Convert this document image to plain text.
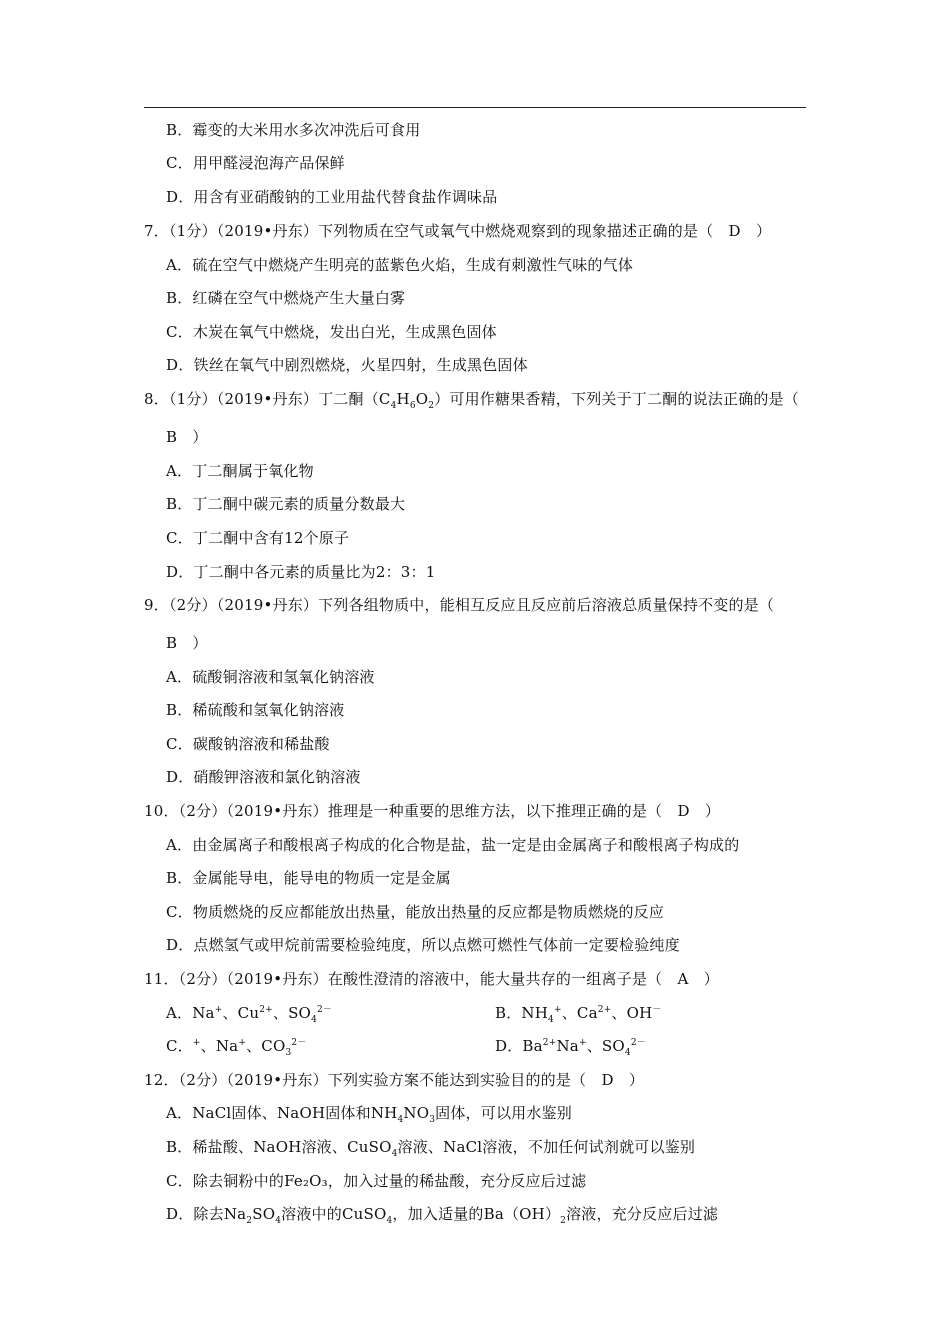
B．霉变的大米用水多次冲洗后可食用
C．用甲醛浸泡海产品保鲜
D．用含有亚硝酸钠的工业用盐代替食盐作调味品
7．（1分）（2019•丹东）下列物质在空气或氧气中燃烧观察到的现象描述正确的是（　D　）
A．硫在空气中燃烧产生明亮的蓝紫色火焰，生成有刺激性气味的气体
B．红磷在空气中燃烧产生大量白雾
C．木炭在氧气中燃烧，发出白光，生成黑色固体
D．铁丝在氧气中剧烈燃烧，火星四射，生成黑色固体
8．（1分）（2019•丹东）丁二酮$(C_4H_6O_2)$可用作糖果香精，下列关于丁二酮的说法正确的是（
B　）
A．丁二酮属于氧化物
B．丁二酮中碳元素的质量分数最大
C．丁二酮中含有12个原子
D．丁二酮中各元素的质量比为2：3：1
9．（2分）（2019•丹东）下列各组物质中，能相互反应且反应前后溶液总质量保持不变的是（
B　）
A．硫酸铜溶液和氢氧化钠溶液
B．稀硫酸和氢氧化钠溶液
C．碳酸钠溶液和稀盐酸
D．硝酸钾溶液和氯化钠溶液
10．（2分）（2019•丹东）推理是一种重要的思维方法，以下推理正确的是（　D　）
A．由金属离子和酸根离子构成的化合物是盐，盐一定是由金属离子和酸根离子构成的
B．金属能导电，能导电的物质一定是金属
C．物质燃烧的反应都能放出热量，能放出热量的反应都是物质燃烧的反应
D．点燃氢气或甲烷前需要检验纯度，所以点燃可燃性气体前一定要检验纯度
11．（2分）（2019•丹东）在酸性澄清的溶液中，能大量共存的一组离子是（　A　）
A．Na+、$Cu^{2+}$、$SO_4^{2-}$	B．$NH_4^+$、$Ca^{2+}$、OH－
C．+、Na+、$CO_3^{2-}$	D．$Ba^{2+}Na^+$、$SO_4^{2-}$
12．（2分）（2019•丹东）下列实验方案不能达到实验目的的是（　D　）
A．NaCl固体、NaOH固体和$NH_4NO_3$固体，可以用水鉴别
B．稀盐酸、NaOH溶液、CuSO$_4$溶液、NaCl溶液，不加任何试剂就可以鉴别
C．除去铜粉中的Fe₂O₃，加入过量的稀盐酸，充分反应后过滤
D．除去$Na_2SO_4$溶液中的CuSO$_4$，加入适量的$Ba(OH)_2$溶液，充分反应后过滤
